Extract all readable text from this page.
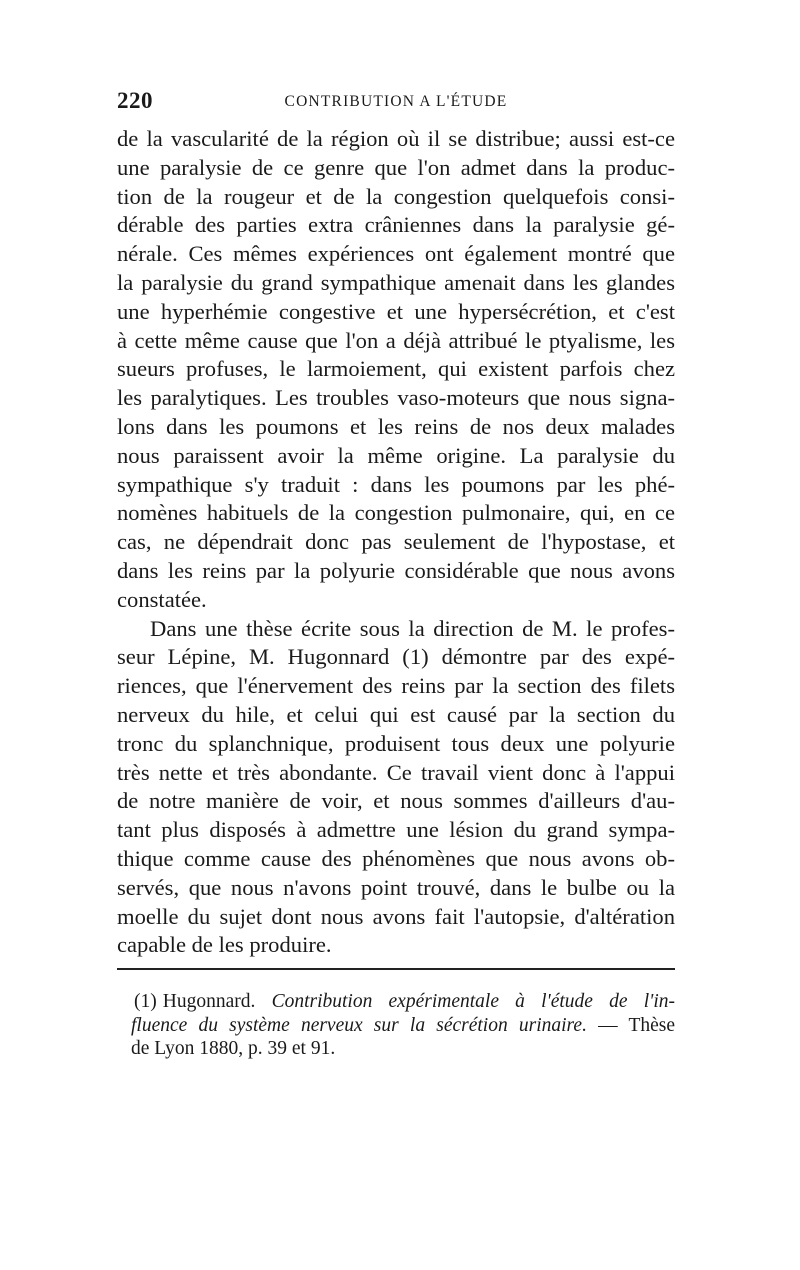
220	CONTRIBUTION A L'ÉTUDE
de la vascularité de la région où il se distribue; aussi est-ce
une paralysie de ce genre que l'on admet dans la produc-
tion de la rougeur et de la congestion quelquefois consi-
dérable des parties extra crâniennes dans la paralysie gé-
nérale. Ces mêmes expériences ont également montré que
la paralysie du grand sympathique amenait dans les glandes
une hyperhémie congestive et une hypersécrétion, et c'est
à cette même cause que l'on a déjà attribué le ptyalisme, les
sueurs profuses, le larmoiement, qui existent parfois chez
les paralytiques. Les troubles vaso-moteurs que nous signa-
lons dans les poumons et les reins de nos deux malades
nous paraissent avoir la même origine. La paralysie du
sympathique s'y traduit : dans les poumons par les phé-
nomènes habituels de la congestion pulmonaire, qui, en ce
cas, ne dépendrait donc pas seulement de l'hypostase, et
dans les reins par la polyurie considérable que nous avons
constatée.
Dans une thèse écrite sous la direction de M. le profes-
seur Lépine, M. Hugonnard (1) démontre par des expé-
riences, que l'énervement des reins par la section des filets
nerveux du hile, et celui qui est causé par la section du
tronc du splanchnique, produisent tous deux une polyurie
très nette et très abondante. Ce travail vient donc à l'appui
de notre manière de voir, et nous sommes d'ailleurs d'au-
tant plus disposés à admettre une lésion du grand sympa-
thique comme cause des phénomènes que nous avons ob-
servés, que nous n'avons point trouvé, dans le bulbe ou la
moelle du sujet dont nous avons fait l'autopsie, d'altération
capable de les produire.
(1) Hugonnard. Contribution expérimentale à l'étude de l'in-
fluence du système nerveux sur la sécrétion urinaire. — Thèse
de Lyon 1880, p. 39 et 91.
